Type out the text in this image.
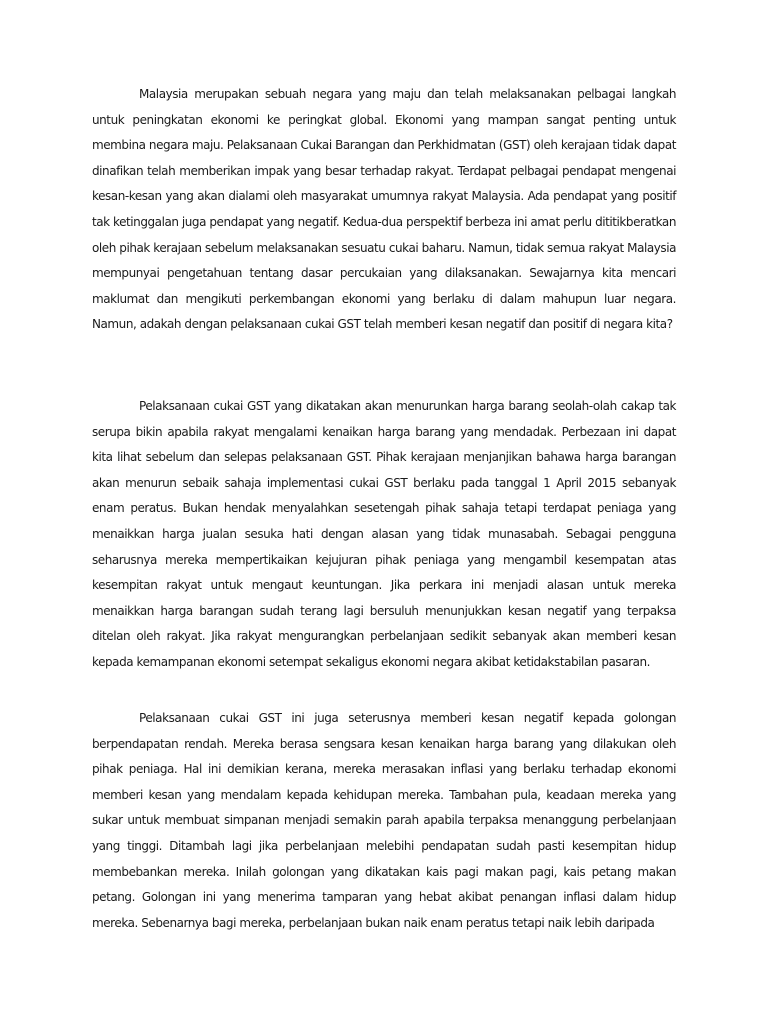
Malaysia merupakan sebuah negara yang maju dan telah melaksanakan pelbagai langkah untuk peningkatan ekonomi ke peringkat global. Ekonomi yang mampan sangat penting untuk membina negara maju. Pelaksanaan Cukai Barangan dan Perkhidmatan (GST) oleh kerajaan tidak dapat dinafikan telah memberikan impak yang besar terhadap rakyat. Terdapat pelbagai pendapat mengenai kesan-kesan yang akan dialami oleh masyarakat umumnya rakyat Malaysia. Ada pendapat yang positif tak ketinggalan juga pendapat yang negatif. Kedua-dua perspektif berbeza ini amat perlu dititikberatkan oleh pihak kerajaan sebelum melaksanakan sesuatu cukai baharu. Namun, tidak semua rakyat Malaysia mempunyai pengetahuan tentang dasar percukaian yang dilaksanakan. Sewajarnya kita mencari maklumat dan mengikuti perkembangan ekonomi yang berlaku di dalam mahupun luar negara. Namun, adakah dengan pelaksanaan cukai GST telah memberi kesan negatif dan positif di negara kita?

Pelaksanaan cukai GST yang dikatakan akan menurunkan harga barang seolah-olah cakap tak serupa bikin apabila rakyat mengalami kenaikan harga barang yang mendadak. Perbezaan ini dapat kita lihat sebelum dan selepas pelaksanaan GST. Pihak kerajaan menjanjikan bahawa harga barangan akan menurun sebaik sahaja implementasi cukai GST berlaku pada tanggal 1 April 2015 sebanyak enam peratus. Bukan hendak menyalahkan sesetengah pihak sahaja tetapi terdapat peniaga yang menaikkan harga jualan sesuka hati dengan alasan yang tidak munasabah. Sebagai pengguna seharusnya mereka mempertikaikan kejujuran pihak peniaga yang mengambil kesempatan atas kesempitan rakyat untuk mengaut keuntungan. Jika perkara ini menjadi alasan untuk mereka menaikkan harga barangan sudah terang lagi bersuluh menunjukkan kesan negatif yang terpaksa ditelan oleh rakyat. Jika rakyat mengurangkan perbelanjaan sedikit sebanyak akan memberi kesan kepada kemampanan ekonomi setempat sekaligus ekonomi negara akibat ketidakstabilan pasaran.

Pelaksanaan cukai GST ini juga seterusnya memberi kesan negatif kepada golongan berpendapatan rendah. Mereka berasa sengsara kesan kenaikan harga barang yang dilakukan oleh pihak peniaga. Hal ini demikian kerana, mereka merasakan inflasi yang berlaku terhadap ekonomi memberi kesan yang mendalam kepada kehidupan mereka. Tambahan pula, keadaan mereka yang sukar untuk membuat simpanan menjadi semakin parah apabila terpaksa menanggung perbelanjaan yang tinggi. Ditambah lagi jika perbelanjaan melebihi pendapatan sudah pasti kesempitan hidup membebankan mereka. Inilah golongan yang dikatakan kais pagi makan pagi, kais petang makan petang. Golongan ini yang menerima tamparan yang hebat akibat penangan inflasi dalam hidup mereka. Sebenarnya bagi mereka, perbelanjaan bukan naik enam peratus tetapi naik lebih daripada
